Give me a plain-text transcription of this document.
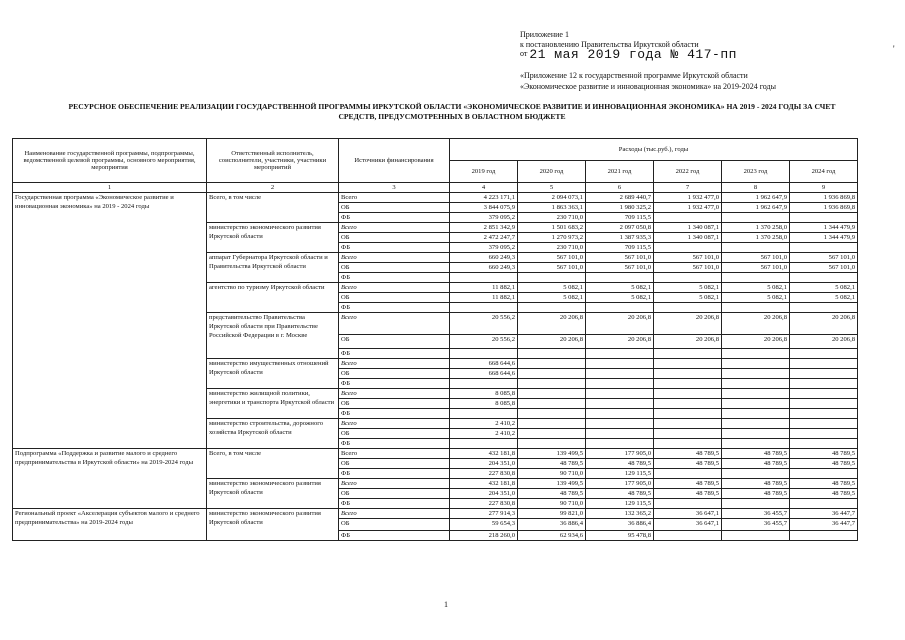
Приложение 1
к постановлению Правительства Иркутской области
от 21 мая 2019 года № 417-пп	'
«Приложение 12 к государственной программе Иркутской области
«Экономическое развитие и инновационная экономика» на 2019-2024 годы
РЕСУРСНОЕ ОБЕСПЕЧЕНИЕ РЕАЛИЗАЦИИ ГОСУДАРСТВЕННОЙ ПРОГРАММЫ ИРКУТСКОЙ ОБЛАСТИ «ЭКОНОМИЧЕСКОЕ РАЗВИТИЕ И ИННОВАЦИОННАЯ ЭКОНОМИКА» НА 2019 - 2024 ГОДЫ ЗА СЧЕТ
СРЕДСТВ, ПРЕДУСМОТРЕННЫХ В ОБЛАСТНОМ БЮДЖЕТЕ
Наименование государственной программы, подпрограммы, ведомственной целевой программы, основного мероприятия, мероприятия	Ответственный исполнитель, соисполнители, участники, участники мероприятий	Источники финансирования	Расходы (тыс.руб.), годы					
			2019 год	2020 год	2021 год	2022 год	2023 год	2024 год
1	2	3	4	5	6	7	8	9
Государственная программа «Экономическое развитие и инновационная экономика» на 2019 - 2024 годы	Всего, в том числе	Всего	4 223 171,1	2 094 073,1	2 689 440,7	1 932 477,0	1 962 647,9	1 936 869,8
		ОБ	3 844 075,9	1 863 363,1	1 980 325,2	1 932 477,0	1 962 647,9	1 936 869,8
		ФБ	379 095,2	230 710,0	709 115,5			
	министерство экономического развития Иркутской области	Всего	2 851 342,9	1 501 683,2	2 097 050,8	1 340 087,1	1 370 258,0	1 344 479,9
		ОБ	2 472 247,7	1 270 973,2	1 387 935,3	1 340 087,1	1 370 258,0	1 344 479,9
		ФБ	379 095,2	230 710,0	709 115,5			
	аппарат Губернатора Иркутской области и Правительства Иркутской области	Всего	660 249,3	567 101,0	567 101,0	567 101,0	567 101,0	567 101,0
		ОБ	660 249,3	567 101,0	567 101,0	567 101,0	567 101,0	567 101,0
		ФБ						
	агентство по туризму Иркутской области	Всего	11 882,1	5 082,1	5 082,1	5 082,1	5 082,1	5 082,1
		ОБ	11 882,1	5 082,1	5 082,1	5 082,1	5 082,1	5 082,1
		ФБ						
	представительство Правительства Иркутской области при Правительстве Российской Федерации в г. Москве	Всего	20 556,2	20 206,8	20 206,8	20 206,8	20 206,8	20 206,8
		ОБ	20 556,2	20 206,8	20 206,8	20 206,8	20 206,8	20 206,8
		ФБ						
	министерство имущественных отношений Иркутской области	Всего	668 644,6					
		ОБ	668 644,6					
		ФБ						
	министерство жилищной политики, энергетики и транспорта Иркутской области	Всего	8 085,8					
		ОБ	8 085,8					
		ФБ						
	министерство строительства, дорожного хозяйства Иркутской области	Всего	2 410,2					
		ОБ	2 410,2					
		ФБ						
Подпрограмма «Поддержка и развитие малого и среднего предпринимательства в Иркутской области» на 2019-2024 годы	Всего, в том числе	Всего	432 181,8	139 499,5	177 905,0	48 789,5	48 789,5	48 789,5
		ОБ	204 351,0	48 789,5	48 789,5	48 789,5	48 789,5	48 789,5
		ФБ	227 830,8	90 710,0	129 115,5			
	министерство экономического развития Иркутской области	Всего	432 181,8	139 499,5	177 905,0	48 789,5	48 789,5	48 789,5
		ОБ	204 351,0	48 789,5	48 789,5	48 789,5	48 789,5	48 789,5
		ФБ	227 830,8	90 710,0	129 115,5			
Региональный проект «Акселерация субъектов малого и среднего предпринимательства» на 2019-2024 годы	министерство экономического развития Иркутской области	Всего	277 914,3	99 821,0	132 365,2	36 647,1	36 455,7	36 447,7
		ОБ	59 654,3	36 886,4	36 886,4	36 647,1	36 455,7	36 447,7
		ФБ	218 260,0	62 934,6	95 478,8			
1
